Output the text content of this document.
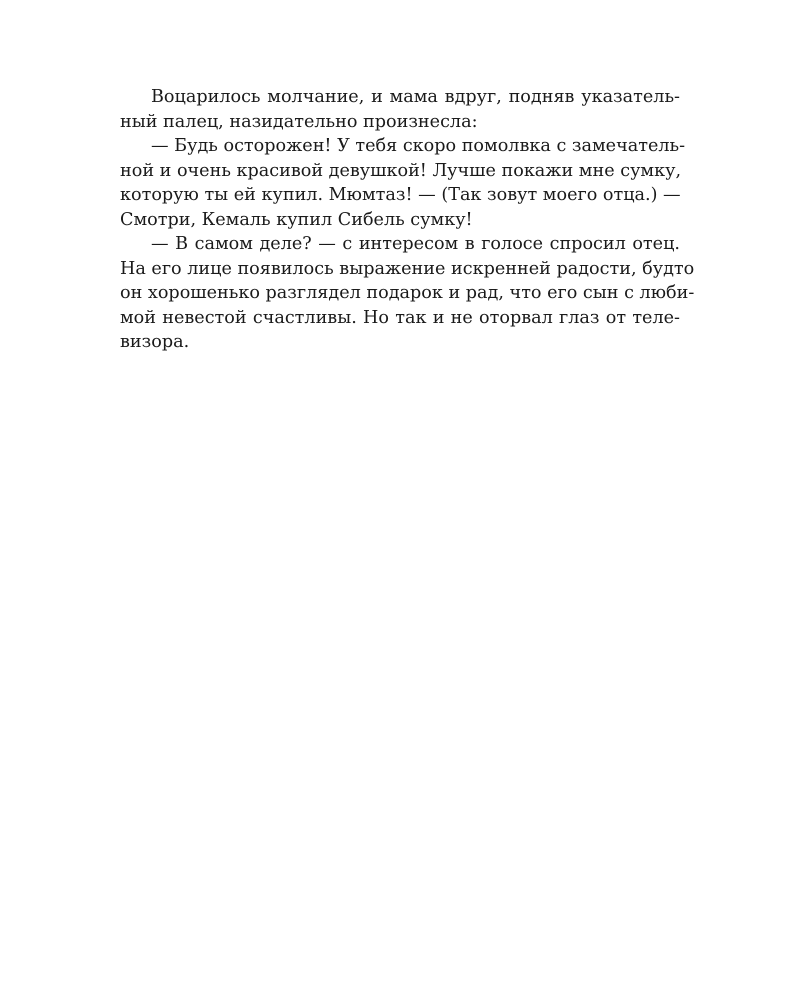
Воцарилось молчание, и мама вдруг, подняв указатель-
ный палец, назидательно произнесла:
— Будь осторожен! У тебя скоро помолвка с замечатель-
ной и очень красивой девушкой! Лучше покажи мне сумку,
которую ты ей купил. Мюмтаз! — (Так зовут моего отца.) —
Смотри, Кемаль купил Сибель сумку!
— В самом деле? — с интересом в голосе спросил отец.
На его лице появилось выражение искренней радости, будто
он хорошенько разглядел подарок и рад, что его сын с люби-
мой невестой счастливы. Но так и не оторвал глаз от теле-
визора.
